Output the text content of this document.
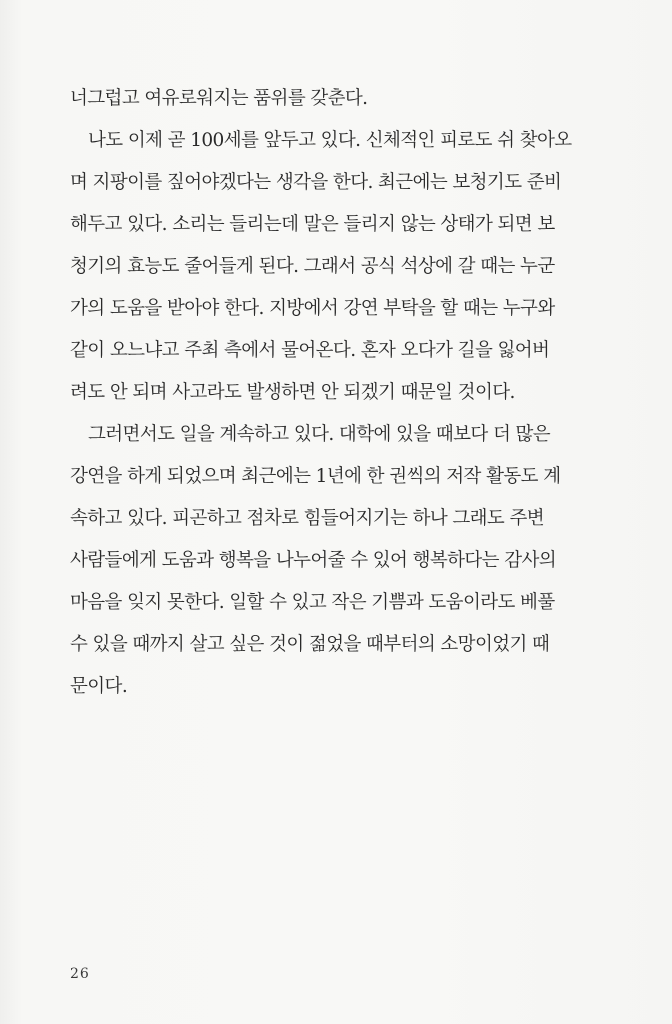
너그럽고 여유로워지는 품위를 갖춘다.
나도 이제 곧 100세를 앞두고 있다. 신체적인 피로도 쉬 찾아오
며 지팡이를 짚어야겠다는 생각을 한다. 최근에는 보청기도 준비
해두고 있다. 소리는 들리는데 말은 들리지 않는 상태가 되면 보
청기의 효능도 줄어들게 된다. 그래서 공식 석상에 갈 때는 누군
가의 도움을 받아야 한다. 지방에서 강연 부탁을 할 때는 누구와
같이 오느냐고 주최 측에서 물어온다. 혼자 오다가 길을 잃어버
려도 안 되며 사고라도 발생하면 안 되겠기 때문일 것이다.
그러면서도 일을 계속하고 있다. 대학에 있을 때보다 더 많은
강연을 하게 되었으며 최근에는 1년에 한 권씩의 저작 활동도 계
속하고 있다. 피곤하고 점차로 힘들어지기는 하나 그래도 주변
사람들에게 도움과 행복을 나누어줄 수 있어 행복하다는 감사의
마음을 잊지 못한다. 일할 수 있고 작은 기쁨과 도움이라도 베풀
수 있을 때까지 살고 싶은 것이 젊었을 때부터의 소망이었기 때
문이다.
26
